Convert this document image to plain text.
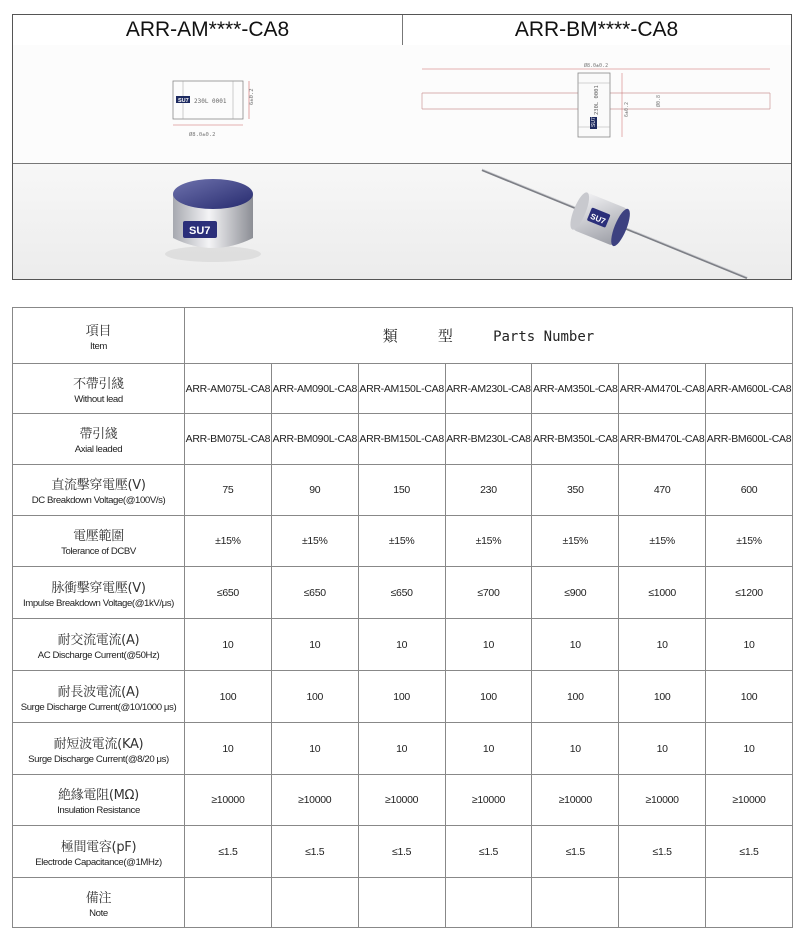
ARR-AM****-CA8
SU7 230L 0001
Ø8.0±0.2
6±0.2
SU7
ARR-BM****-CA8
SU7
230L 0001
Ø8.0±0.2
6±0.2
Ø0.8
SU7
項目
Item	類 型 Parts Number						

不帶引綫
Without lead	ARR-AM075L-CA8	ARR-AM090L-CA8	ARR-AM150L-CA8	ARR-AM230L-CA8	ARR-AM350L-CA8	ARR-AM470L-CA8	ARR-AM600L-CA8

帶引綫
Axial leaded	ARR-BM075L-CA8	ARR-BM090L-CA8	ARR-BM150L-CA8	ARR-BM230L-CA8	ARR-BM350L-CA8	ARR-BM470L-CA8	ARR-BM600L-CA8

直流擊穿電壓(V)
DC Breakdown Voltage(@100V/s)	75	90	150	230	350	470	600

電壓範圍
Tolerance of DCBV	±15%	±15%	±15%	±15%	±15%	±15%	±15%

脉衝擊穿電壓(V)
Impulse Breakdown Voltage(@1kV/μs)	≤650	≤650	≤650	≤700	≤900	≤1000	≤1200

耐交流電流(A)
AC Discharge Current(@50Hz)	10	10	10	10	10	10	10

耐長波電流(A)
Surge Discharge Current(@10/1000 μs)	100	100	100	100	100	100	100

耐短波電流(KA)
Surge Discharge Current(@8/20 μs)	10	10	10	10	10	10	10

絶緣電阻(MΩ)
Insulation Resistance	≥10000	≥10000	≥10000	≥10000	≥10000	≥10000	≥10000

極間電容(pF)
Electrode Capacitance(@1MHz)	≤1.5	≤1.5	≤1.5	≤1.5	≤1.5	≤1.5	≤1.5

備注
Note							
